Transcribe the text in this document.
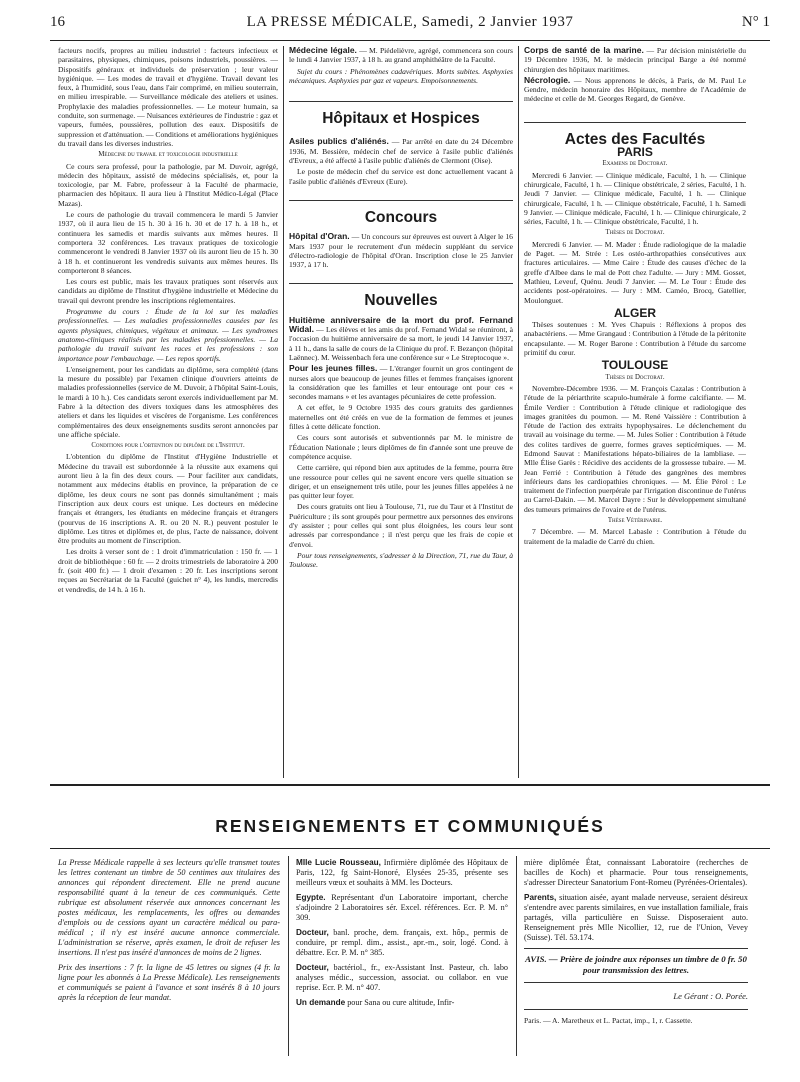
16	LA PRESSE MÉDICALE, Samedi, 2 Janvier 1937	N° 1

facteurs nocifs, propres au milieu industriel : facteurs infectieux et parasitaires, physiques, chimiques, poisons industriels, poussières. — Dispositifs généraux et individuels de préservation ; leur valeur hygiénique. — Les modes de travail et d'hygiène. Travail devant les feux, à l'humidité, sous l'eau, dans l'air comprimé, en milieu souterrain, en milieu irrespirable. — Surveillance médicale des ateliers et usines. Prophylaxie des maladies professionnelles. — Le moteur humain, sa conduite, son surmenage. — Nuisances extérieures de l'industrie : gaz et vapeurs, fumées, poussières, pollution des eaux. Dispositifs de suppression et d'atténuation. — Conditions et améliorations hygiéniques du travail dans les diverses industries.

Médecine du travail et toxicologie industrielle

Ce cours sera professé, pour la pathologie, par M. Duvoir, agrégé, médecin des hôpitaux, assisté de médecins spécialisés, et, pour la toxicologie, par M. Fabre, professeur à la Faculté de pharmacie, pharmacien des hôpitaux. Il aura lieu à l'Institut Médico-Légal (Place Mazas).

Le cours de pathologie du travail commencera le mardi 5 Janvier 1937, où il aura lieu de 15 h. 30 à 16 h. 30 et de 17 h. à 18 h., et continuera les samedis et mardis suivants aux mêmes heures. Il comportera 32 conférences. Les travaux pratiques de toxicologie commenceront le vendredi 8 Janvier 1937 où ils auront lieu de 15 h. 30 à 18 h. et continueront les vendredis suivants aux mêmes heures. Ils comporteront 8 séances.

Les cours est public, mais les travaux pratiques sont réservés aux candidats au diplôme de l'Institut d'hygiène industrielle et Médecine du travail qui devront prendre les inscriptions réglementaires.

Programme du cours : Étude de la loi sur les maladies professionnelles. — Les maladies professionnelles causées par les agents physiques, chimiques, végétaux et animaux. — Les syndromes anatomo-cliniques réalisés par les maladies professionnelles. — La pathologie du travail suivant les races et les professions : son importance pour l'embauchage. — Les repos sportifs.

L'enseignement, pour les candidats au diplôme, sera complété (dans la mesure du possible) par l'examen clinique d'ouvriers atteints de maladies professionnelles (service de M. Duvoir, à l'hôpital Saint-Louis, le mardi à 10 h.). Ces candidats seront exercés individuellement par M. Fabre à la détection des divers toxiques dans les atmosphères des ateliers et dans les liquides et viscères de l'organisme. Les conférences complémentaires des deux enseignements susdits seront annoncées par une affiche spéciale.

Conditions pour l'obtention du diplôme de l'Institut.

L'obtention du diplôme de l'Institut d'Hygiène Industrielle et Médecine du travail est subordonnée à la réussite aux examens qui auront lieu à la fin des deux cours. — Pour faciliter aux candidats, notamment aux médecins établis en province, la préparation de ce diplôme, les deux cours ne sont pas donnés simultanément ; mais l'inscription aux deux cours est unique. Les docteurs en médecine français et étrangers, les étudiants en médecine français et étrangers (pourvus de 16 inscriptions A. R. ou 20 N. R.) peuvent postuler le diplôme. Les titres et diplômes et, de plus, l'acte de naissance, doivent être produits au moment de l'inscription.

Les droits à verser sont de : 1 droit d'immatriculation : 150 fr. — 1 droit de bibliothèque : 60 fr. — 2 droits trimestriels de laboratoire à 200 fr. (soit 400 fr.) — 1 droit d'examen : 20 fr. Les inscriptions seront reçues au Secrétariat de la Faculté (guichet n° 4), les lundis, mercredis et vendredis, de 14 h. à 16 h.

Médecine légale. — M. Piédelièvre, agrégé, commencera son cours le lundi 4 Janvier 1937, à 18 h. au grand amphithéâtre de la Faculté.

Sujet du cours : Phénomènes cadavériques. Morts subites. Asphyxies mécaniques. Asphyxies par gaz et vapeurs. Empoisonnements.

Hôpitaux et Hospices

Asiles publics d'aliénés. — Par arrêté en date du 24 Décembre 1936, M. Bessière, médecin chef de service à l'asile public d'aliénés d'Evreux, a été affecté à l'asile public d'aliénés de Clermont (Oise).

Le poste de médecin chef du service est donc actuellement vacant à l'asile public d'aliénés d'Evreux (Eure).

Concours

Hôpital d'Oran. — Un concours sur épreuves est ouvert à Alger le 16 Mars 1937 pour le recrutement d'un médecin suppléant du service d'électro-radiologie de l'hôpital d'Oran. Inscription close le 25 Janvier 1937, à 17 h.

Nouvelles

Huitième anniversaire de la mort du prof. Fernand Widal. — Les élèves et les amis du prof. Fernand Widal se réuniront, à l'occasion du huitième anniversaire de sa mort, le jeudi 14 Janvier 1937, à 11 h., dans la salle de cours de la Clinique du prof. F. Bezançon (hôpital Laënnec). M. Weissenbach fera une conférence sur « Le Streptocoque ».

Pour les jeunes filles. — L'étranger fournit un gros contingent de nurses alors que beaucoup de jeunes filles et femmes françaises ignorent la considération que les familles et leur entourage ont pour ces « secondes mamans » et les avantages pécuniaires de cette profession.

A cet effet, le 9 Octobre 1935 des cours gratuits des gardiennes maternelles ont été créés en vue de la formation de femmes et jeunes filles à cette délicate fonction.

Ces cours sont autorisés et subventionnés par M. le ministre de l'Éducation Nationale ; leurs diplômes de fin d'année sont une preuve de compétence acquise.

Cette carrière, qui répond bien aux aptitudes de la femme, pourra être une ressource pour celles qui ne savent encore vers quelle situation se diriger, et un enseignement très utile, pour les jeunes filles appelées à ne pas quitter leur foyer.

Des cours gratuits ont lieu à Toulouse, 71, rue du Taur et à l'Institut de Puériculture ; ils sont groupés pour permettre aux personnes des environs d'y assister ; pour celles qui sont plus éloignées, les cours leur sont adressés par correspondance ; il n'est perçu que les frais de copie et d'envoi.

Pour tous renseignements, s'adresser à la Direction, 71, rue du Taur, à Toulouse.

Corps de santé de la marine. — Par décision ministérielle du 19 Décembre 1936, M. le médecin principal Barge a été nommé chirurgien des hôpitaux maritimes.

Nécrologie. — Nous apprenons le décès, à Paris, de M. Paul Le Gendre, médecin honoraire des Hôpitaux, membre de l'Académie de médecine et celle de M. Georges Regard, de Genève.

Actes des Facultés
PARIS

Examens de Doctorat.

Mercredi 6 Janvier. — Clinique médicale, Faculté, 1 h. — Clinique chirurgicale, Faculté, 1 h. — Clinique obstétricale, 2 séries, Faculté, 1 h. Jeudi 7 Janvier. — Clinique médicale, Faculté, 1 h. — Clinique chirurgicale, Faculté, 1 h. — Clinique obstétricale, Faculté, 1 h. Samedi 9 Janvier. — Clinique médicale, Faculté, 1 h. — Clinique chirurgicale, 2 séries, Faculté, 1 h. — Clinique obstétricale, Faculté, 1 h.

Thèses de Doctorat.

Mercredi 6 Janvier. — M. Mader : Étude radiologique de la maladie de Paget. — M. Strée : Les ostéo-arthropathies consécutives aux fractures articulaires. — Mme Caire : Étude des causes d'échec de la greffe d'Albee dans le mal de Pott chez l'adulte. — Jury : MM. Gosset, Mathieu, Leveuf, Quénu. Jeudi 7 Janvier. — M. Le Tour : Étude des accidents post-opératoires. — Jury : MM. Caméo, Brocq, Gatellier, Moulonguet.

ALGER

Thèses soutenues : M. Yves Chapuis : Réflexions à propos des anabactériens. — Mme Grangaud : Contribution à l'étude de la péritonite encapsulante. — M. Roger Barone : Contribution à l'étude du sarcome primitif du cœur.

TOULOUSE

Thèses de Doctorat.

Novembre-Décembre 1936. — M. François Cazalas : Contribution à l'étude de la périarthrite scapulo-humérale à forme calcifiante. — M. Émile Verdier : Contribution à l'étude clinique et radiologique des images granitées du poumon. — M. René Vaissière : Contribution à l'étude de l'action des extraits hypophysaires. Le déclenchement du travail au voisinage du terme. — M. Jules Solier : Contribution à l'étude des colites tardives de guerre, formes graves septicémiques. — M. Edmond Sauvat : Manifestations hépato-biliaires de la lambliase. — Mlle Élise Garès : Récidive des accidents de la grossesse tubaire. — M. Jean Ferrié : Contribution à l'étude des gangrènes des membres inférieurs dans les cardiopathies chroniques. — M. Élie Pérol : Le traitement de l'infection puerpérale par l'irrigation discontinue de l'utérus au Carrel-Dakin. — M. Marcel Dayre : Sur le développement simultané des tumeurs primaires de l'ovaire et de l'utérus.

Thèse Vétérinaire.

7 Décembre. — M. Marcel Labasle : Contribution à l'étude du traitement de la maladie de Carré du chien.

RENSEIGNEMENTS ET COMMUNIQUÉS

La Presse Médicale rappelle à ses lecteurs qu'elle transmet toutes les lettres contenant un timbre de 50 centimes aux titulaires des annonces qui répondent directement. Elle ne prend aucune responsabilité quant à la teneur de ces communiqués. Cette rubrique est absolument réservée aux annonces concernant les postes médicaux, les remplacements, les offres ou demandes d'emplois ou de cessions ayant un caractère médical ou para-médical ; il n'y est inséré aucune annonce commerciale. L'administration se réserve, après examen, le droit de refuser les insertions. Il n'est pas inséré d'annonces de moins de 2 lignes.

Prix des insertions : 7 fr. la ligne de 45 lettres ou signes (4 fr. la ligne pour les abonnés à La Presse Médicale). Les renseignements et communiqués se paient à l'avance et sont insérés 8 à 10 jours après la réception de leur mandat.

Mlle Lucie Rousseau, Infirmière diplômée des Hôpitaux de Paris, 122, fg Saint-Honoré, Elysées 25-35, présente ses meilleurs vœux et souhaits à MM. les Docteurs.

Egypte. Représentant d'un Laboratoire important, cherche s'adjoindre 2 Laboratoires sér. Excel. références. Ecr. P. M. n° 309.

Docteur, banl. proche, dem. français, ext. hôp., permis de conduire, pr rempl. dim., assist., apr.-m., soir, logé. Cond. à débattre. Ecr. P. M. n° 385.

Docteur, bactériol., fr., ex-Assistant Inst. Pasteur, ch. labo analyses médic., succession, associat. ou collabor. en vue reprise. Ecr. P. M. n° 407.

Un demande pour Sana ou cure altitude, Infir-

mière diplômée État, connaissant Laboratoire (recherches de bacilles de Koch) et pharmacie. Pour tous renseignements, s'adresser Directeur Sanatorium Font-Romeu (Pyrénées-Orientales).

Parents, situation aisée, ayant malade nerveuse, seraient désireux s'entendre avec parents similaires, en vue installation familiale, frais partagés, villa particulière en Suisse. Disposeraient auto. Renseignement près Mlle Nicollier, 12, rue de l'Union, Vevey (Suisse). Tél. 53.174.

AVIS. — Prière de joindre aux réponses un timbre de 0 fr. 50 pour transmission des lettres.
Le Gérant : O. Porée.
Paris. — A. Maretheux et L. Pactat, imp., 1, r. Cassette.
